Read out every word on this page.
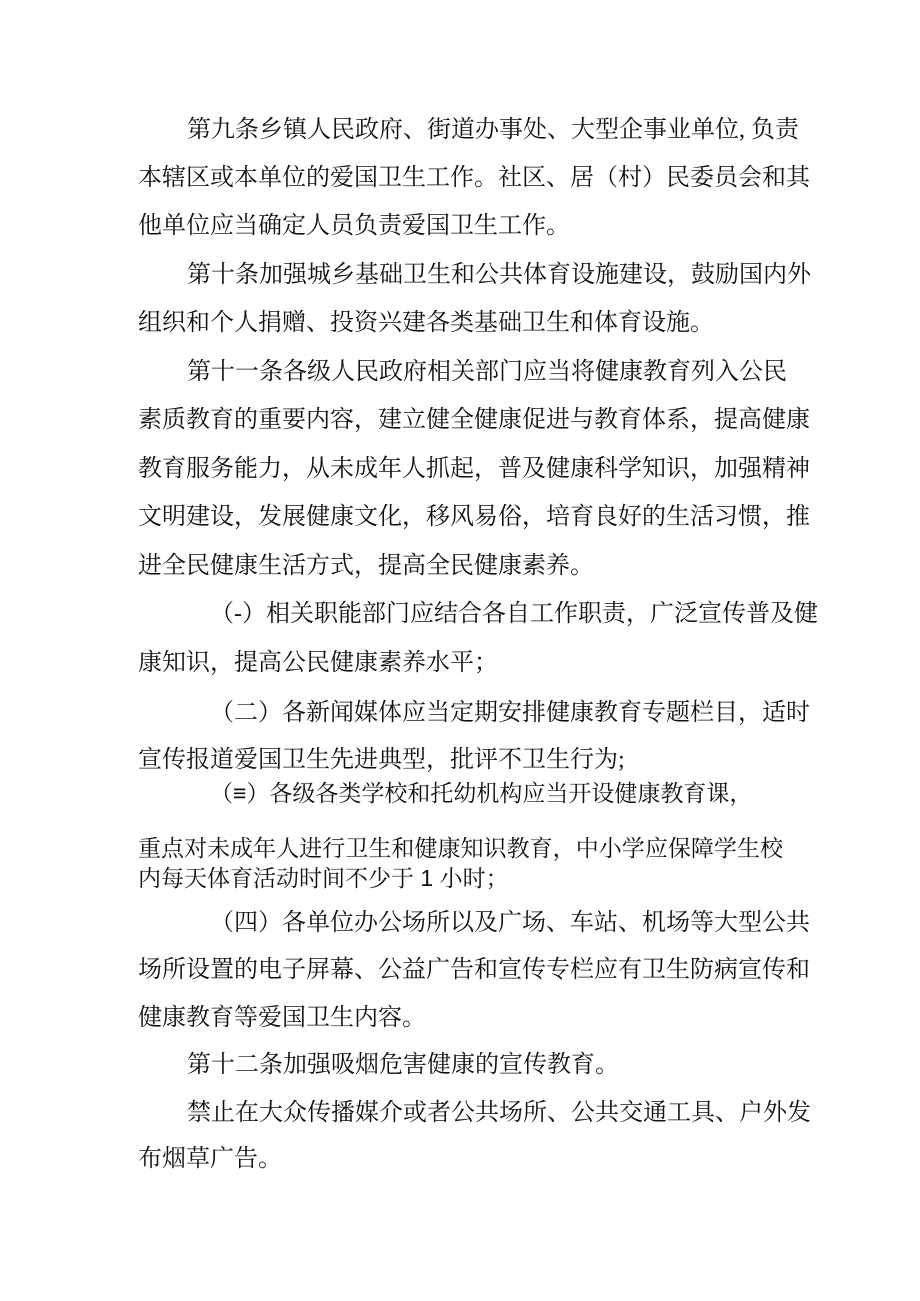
第九条乡镇人民政府、街道办事处、大型企事业单位, 负责
本辖区或本单位的爱国卫生工作。社区、居（村）民委员会和其
他单位应当确定人员负责爱国卫生工作。
第十条加强城乡基础卫生和公共体育设施建设，鼓励国内外
组织和个人捐赠、投资兴建各类基础卫生和体育设施。
第十一条各级人民政府相关部门应当将健康教育列入公民
素质教育的重要内容，建立健全健康促进与教育体系，提高健康
教育服务能力，从未成年人抓起，普及健康科学知识，加强精神
文明建设，发展健康文化，移风易俗，培育良好的生活习惯，推
进全民健康生活方式，提高全民健康素养。
（-）相关职能部门应结合各自工作职责，广泛宣传普及健
康知识，提高公民健康素养水平；
（二）各新闻媒体应当定期安排健康教育专题栏目，适时
宣传报道爱国卫生先进典型，批评不卫生行为;
（≡）各级各类学校和托幼机构应当开设健康教育课，
重点对未成年人进行卫生和健康知识教育，中小学应保障学生校
内每天体育活动时间不少于 1 小时；
（四）各单位办公场所以及广场、车站、机场等大型公共
场所设置的电子屏幕、公益广告和宣传专栏应有卫生防病宣传和
健康教育等爱国卫生内容。
第十二条加强吸烟危害健康的宣传教育。
禁止在大众传播媒介或者公共场所、公共交通工具、户外发
布烟草广告。
